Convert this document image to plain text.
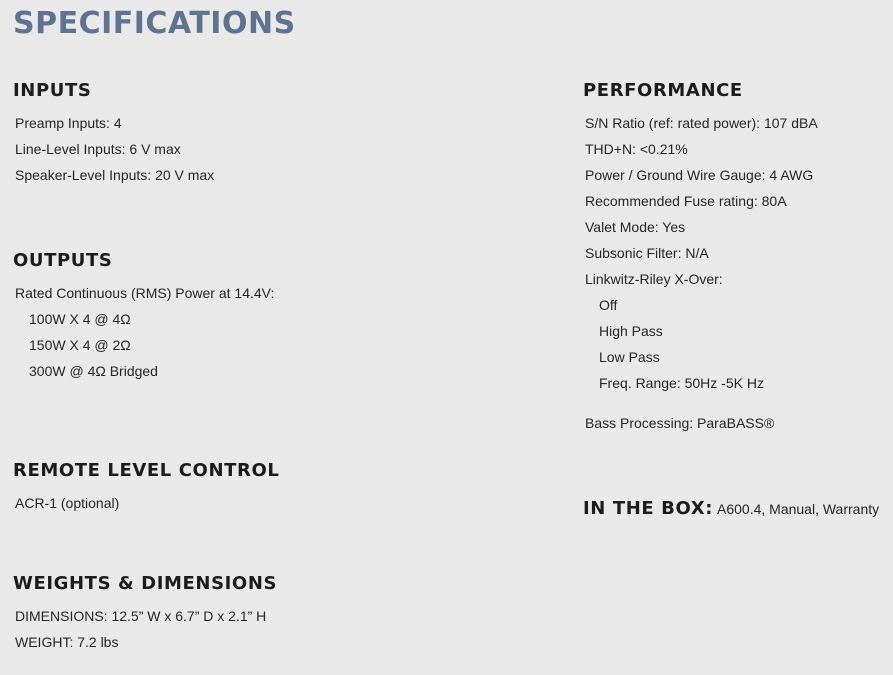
SPECIFICATIONS
INPUTS
Preamp Inputs: 4
Line-Level Inputs: 6 V max
Speaker-Level Inputs: 20 V max
OUTPUTS
Rated Continuous (RMS) Power at 14.4V:
100W X 4 @ 4Ω
150W X 4 @ 2Ω
300W @ 4Ω Bridged
REMOTE LEVEL CONTROL
ACR-1 (optional)
WEIGHTS & DIMENSIONS
DIMENSIONS: 12.5” W x 6.7” D x 2.1” H
WEIGHT: 7.2 lbs
PERFORMANCE
S/N Ratio (ref: rated power): 107 dBA
THD+N: <0.21%
Power / Ground Wire Gauge: 4 AWG
Recommended Fuse rating: 80A
Valet Mode: Yes
Subsonic Filter: N/A
Linkwitz-Riley X-Over:
Off
High Pass
Low Pass
Freq. Range: 50Hz -5K Hz
Bass Processing: ParaBASS®
IN THE BOX: A600.4, Manual, Warranty
